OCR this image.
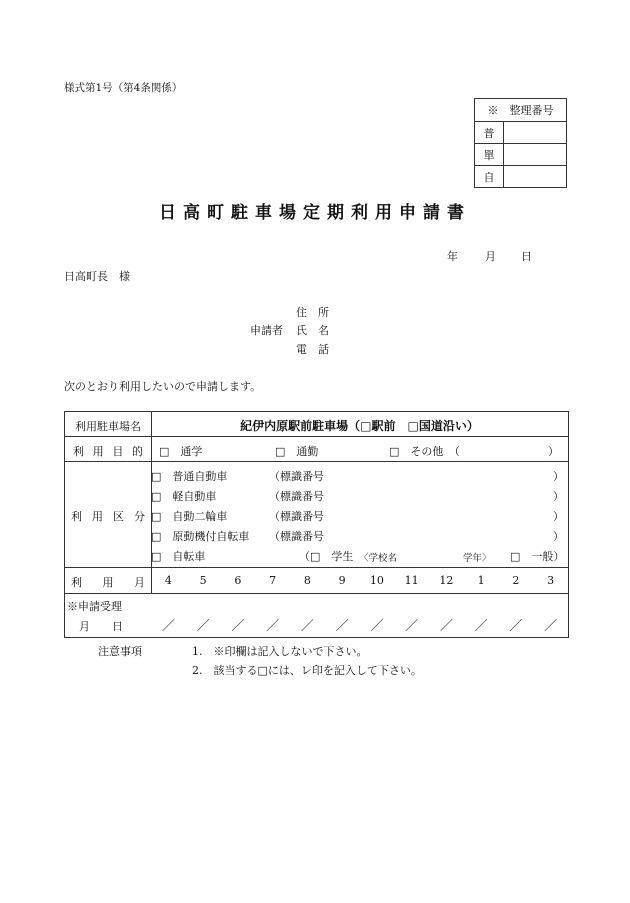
様式第1号（第4条関係）
※　整理番号	
普	
單	
自	
日高町駐車場定期利用申請書
年 月 日
日高町長　様
住　所
申請者 氏　名
電　話
次のとおり利用したいので申請します。
利用駐車場名	紀伊内原駅前駐車場（□駅前　□国道沿い）
利 用 目 的 □　通学	□　通勤	□　その他　（	）
利 用 区 分
□　普通自動車	（標識番号	）
□　軽自動車	（標識番号	）
□　自動二輪車	（標識番号	）
□　原動機付自転車 （標識番号	）
□　自転車	（□　学生 〈学校名	学年〉 □　一般）
利 用 月	4	5	6	7	8	9	10	11	12	1	2	3
※申請受理
月　　日	／	／	／	／	／	／	／	／	／	／	／	／
注意事項	1.　※印欄は記入しないで下さい。
2.　該当する□には、レ印を記入して下さい。
